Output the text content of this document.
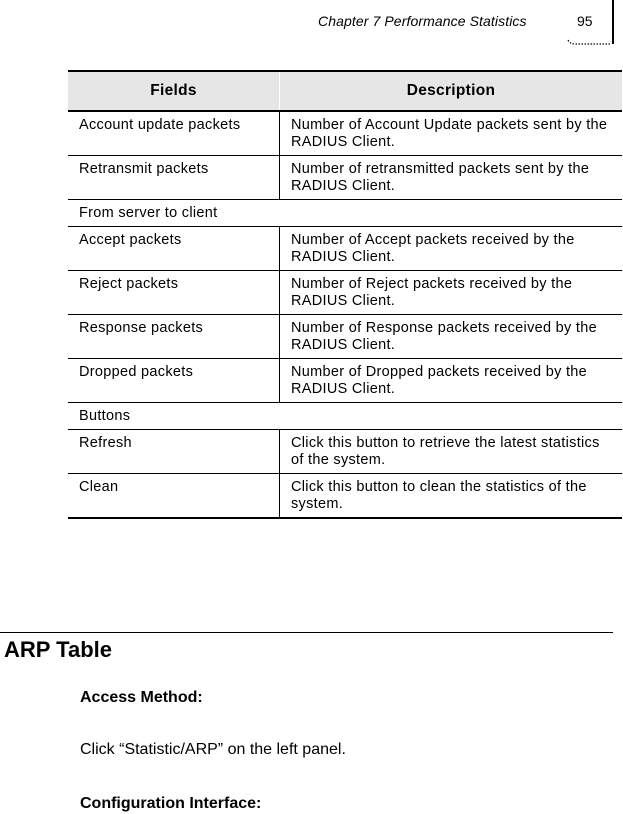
Chapter 7 Performance Statistics	95
Fields	Description
Account update packets	Number of Account Update packets sent by the RADIUS Client.
Retransmit packets	Number of retransmitted packets sent by the RADIUS Client.
From server to client	
Accept packets	Number of Accept packets received by the RADIUS Client.
Reject packets	Number of Reject packets received by the RADIUS Client.
Response packets	Number of Response packets received by the RADIUS Client.
Dropped packets	Number of Dropped packets received by the RADIUS Client.
Buttons	
Refresh	Click this button to retrieve the latest statistics of the system.
Clean	Click this button to clean the statistics of the system.
ARP Table
Access Method:
Click “Statistic/ARP” on the left panel.
Configuration Interface:
